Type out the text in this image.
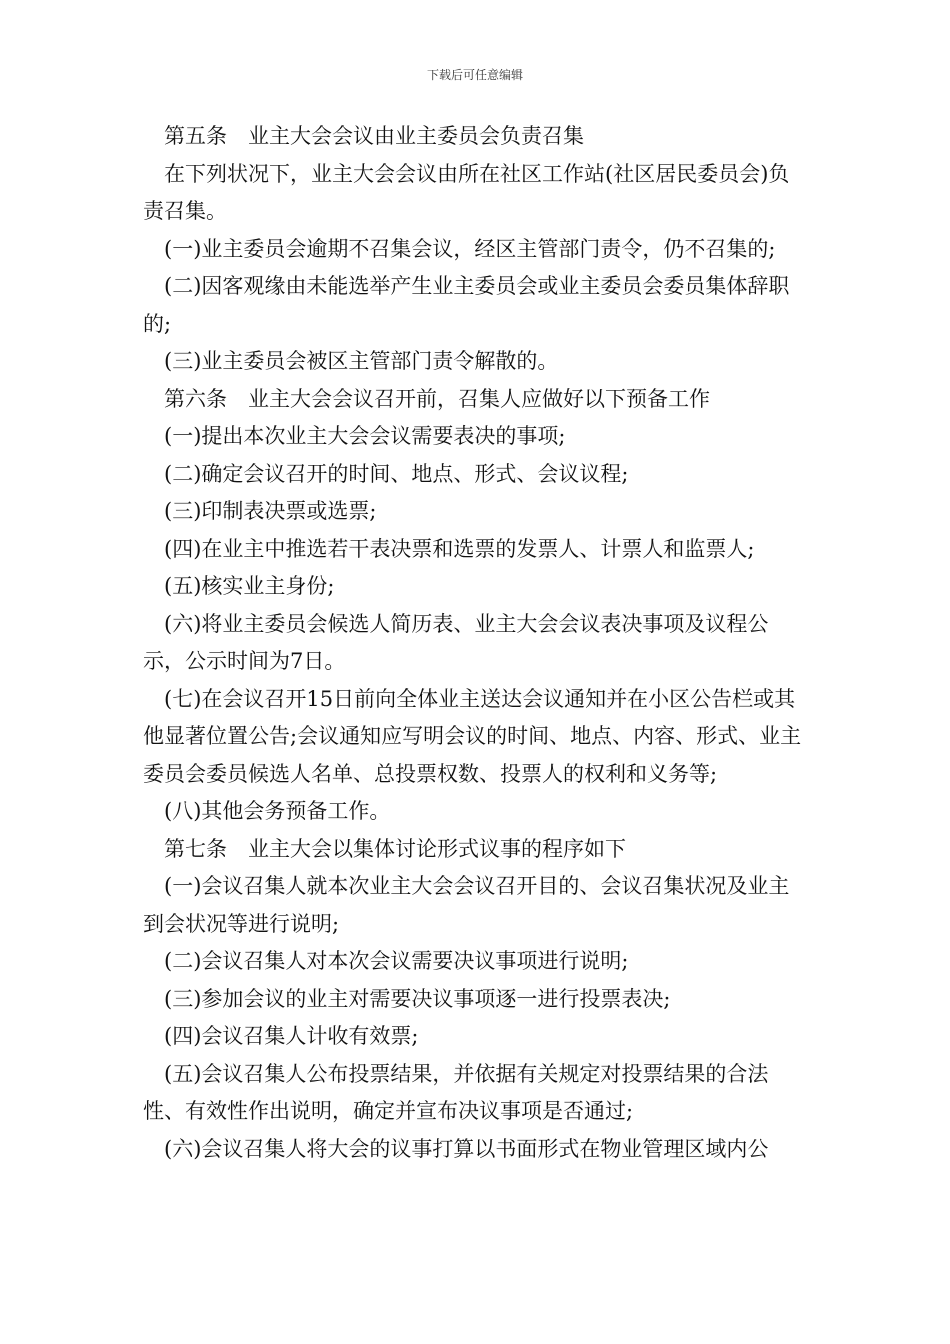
下载后可任意编辑

第五条 业主大会会议由业主委员会负责召集

在下列状况下，业主大会会议由所在社区工作站(社区居民委员会)负责召集。

(一)业主委员会逾期不召集会议，经区主管部门责令，仍不召集的;

(二)因客观缘由未能选举产生业主委员会或业主委员会委员集体辞职的;

(三)业主委员会被区主管部门责令解散的。

第六条 业主大会会议召开前，召集人应做好以下预备工作

(一)提出本次业主大会会议需要表决的事项;

(二)确定会议召开的时间、地点、形式、会议议程;

(三)印制表决票或选票;

(四)在业主中推选若干表决票和选票的发票人、计票人和监票人;

(五)核实业主身份;

(六)将业主委员会候选人简历表、业主大会会议表决事项及议程公示，公示时间为7日。

(七)在会议召开15日前向全体业主送达会议通知并在小区公告栏或其他显著位置公告;会议通知应写明会议的时间、地点、内容、形式、业主委员会委员候选人名单、总投票权数、投票人的权利和义务等;

(八)其他会务预备工作。

第七条 业主大会以集体讨论形式议事的程序如下

(一)会议召集人就本次业主大会会议召开目的、会议召集状况及业主到会状况等进行说明;

(二)会议召集人对本次会议需要决议事项进行说明;

(三)参加会议的业主对需要决议事项逐一进行投票表决;

(四)会议召集人计收有效票;

(五)会议召集人公布投票结果，并依据有关规定对投票结果的合法性、有效性作出说明，确定并宣布决议事项是否通过;

(六)会议召集人将大会的议事打算以书面形式在物业管理区域内公
